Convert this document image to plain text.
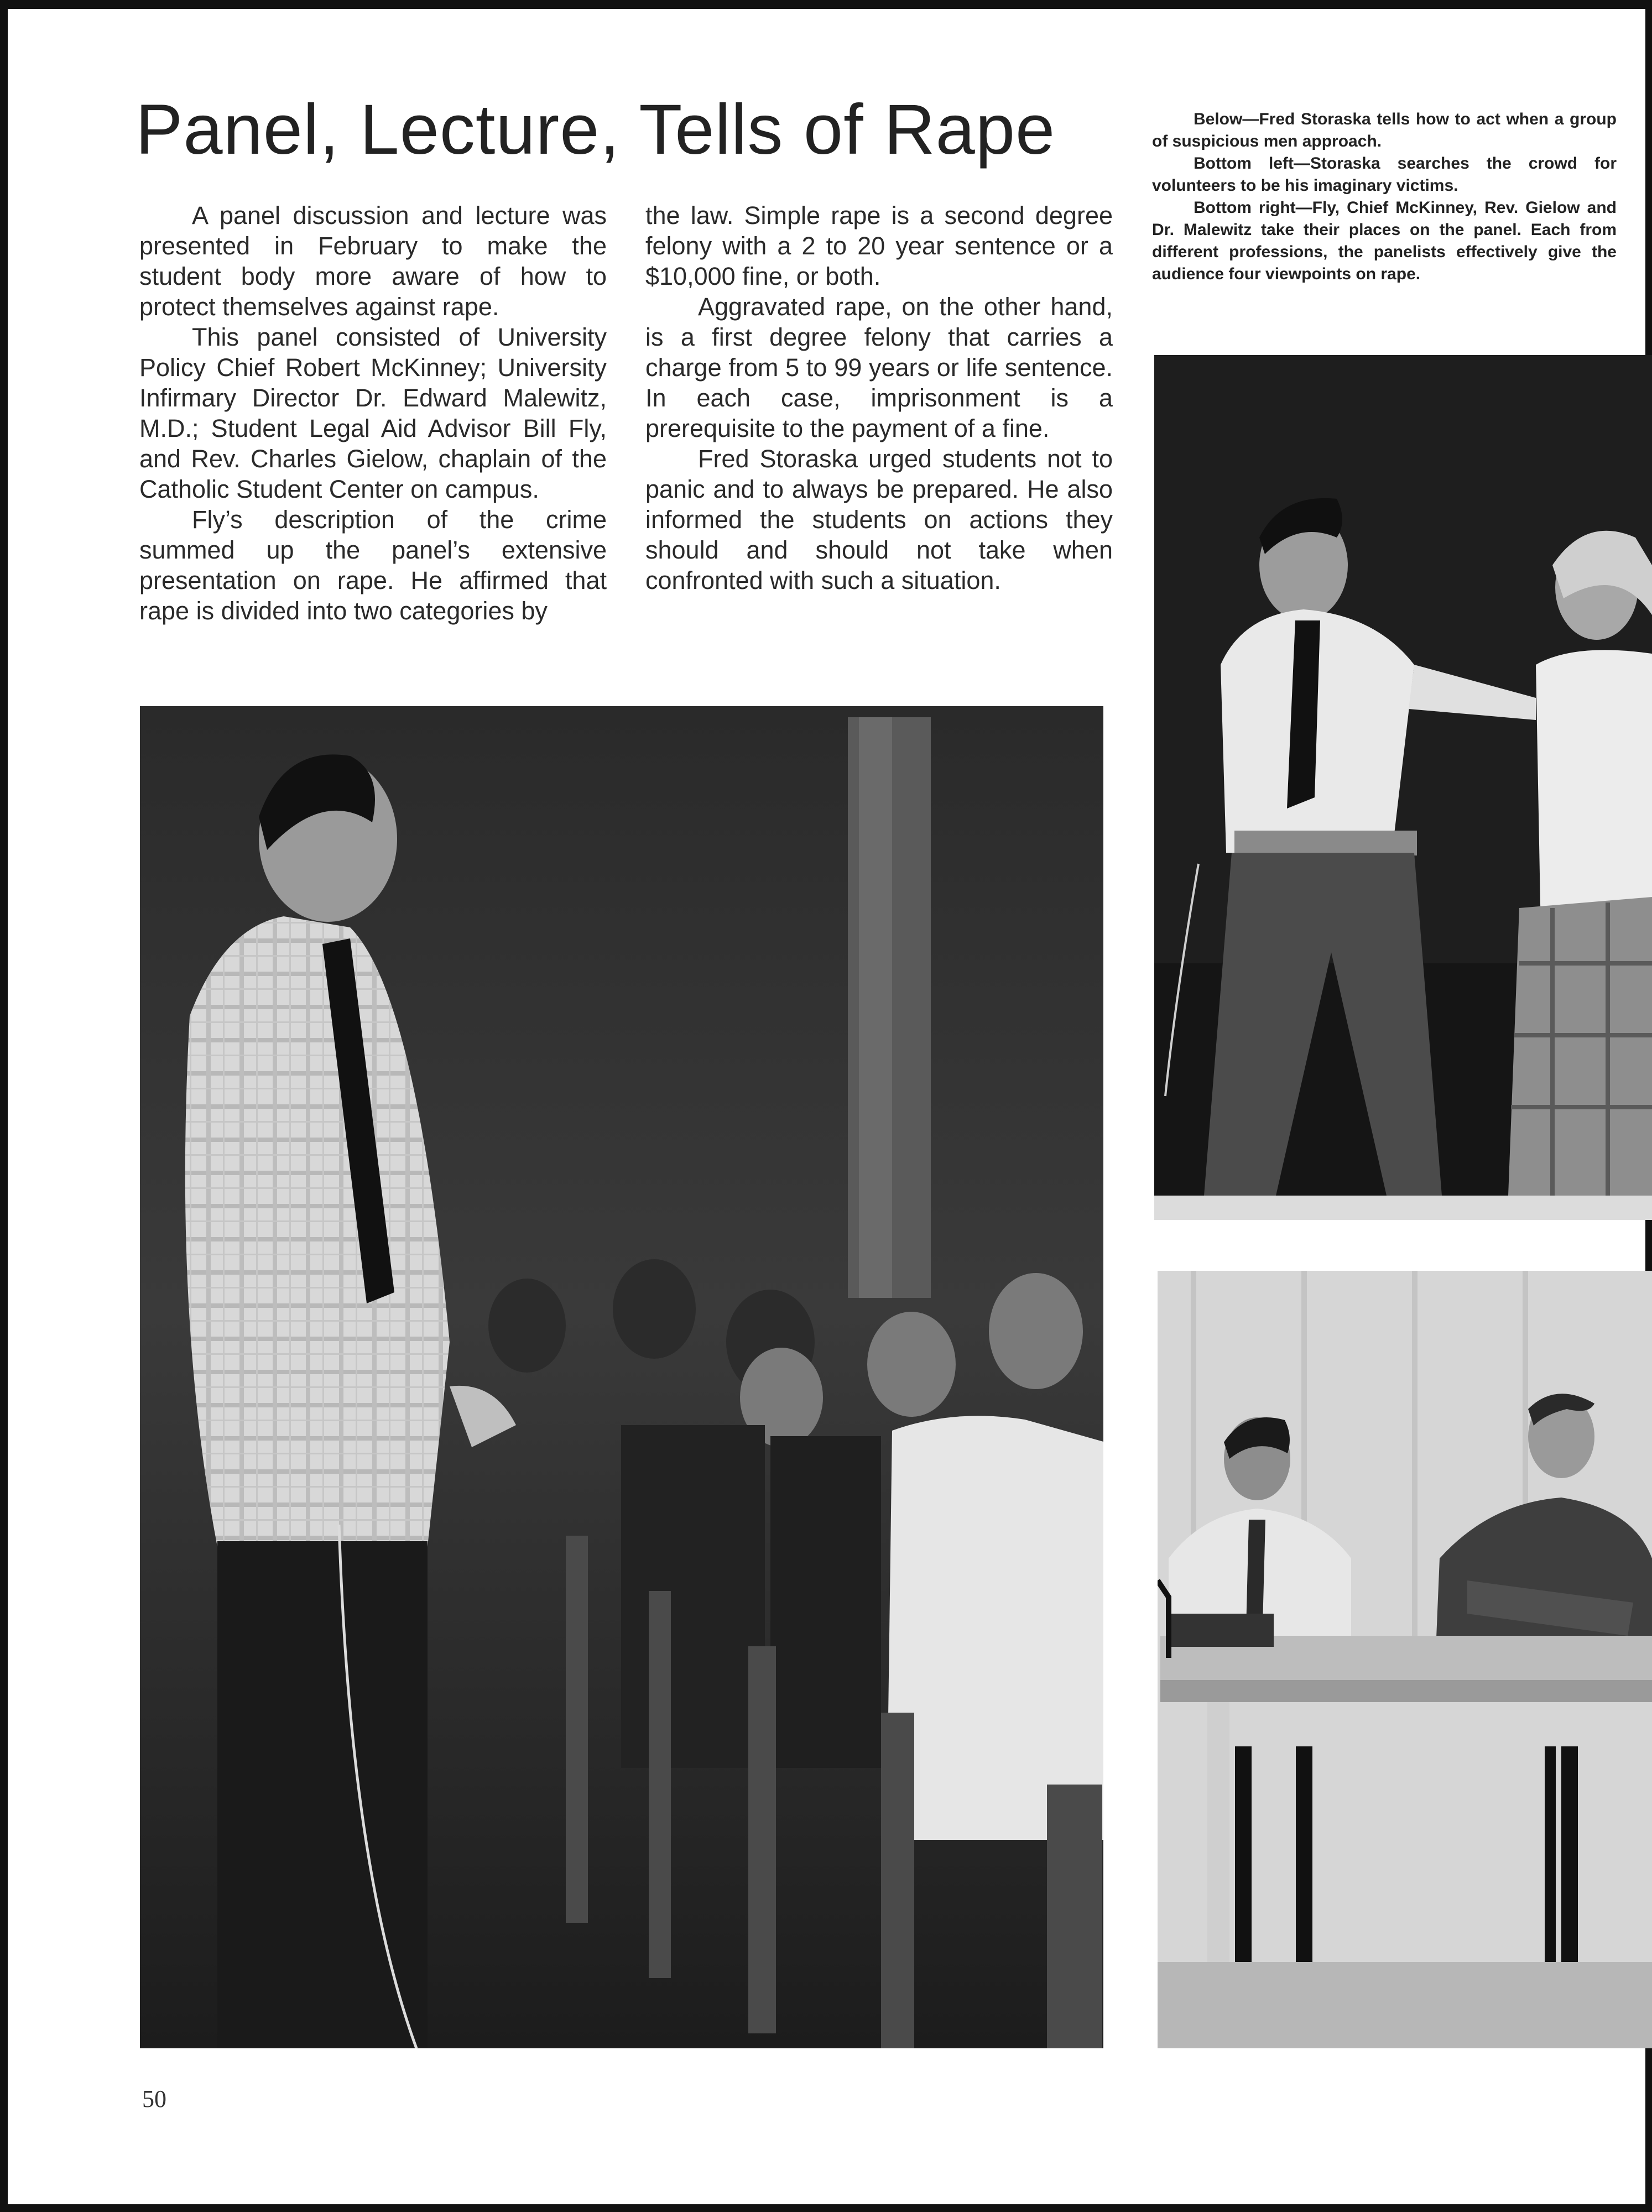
Panel, Lecture, Tells of Rape

A panel discussion and lecture was presented in February to make the student body more aware of how to protect themselves against rape.

This panel consisted of University Policy Chief Robert McKinney; University Infirmary Director Dr. Edward Malewitz, M.D.; Student Legal Aid Advisor Bill Fly, and Rev. Charles Gielow, chaplain of the Catholic Student Center on campus.

Fly’s description of the crime summed up the panel’s extensive presentation on rape. He affirmed that rape is divided into two categories by

the law. Simple rape is a second degree felony with a 2 to 20 year sentence or a $10,000 fine, or both.

Aggravated rape, on the other hand, is a first degree felony that carries a charge from 5 to 99 years or life sentence. In each case, imprisonment is a prerequisite to the payment of a fine.

Fred Storaska urged students not to panic and to always be prepared. He also informed the students on actions they should and should not take when confronted with such a situation.

Below—Fred Storaska tells how to act when a group of suspicious men approach.

Bottom left—Storaska searches the crowd for volunteers to be his imaginary victims.

Bottom right—Fly, Chief McKinney, Rev. Gielow and Dr. Malewitz take their places on the panel. Each from different professions, the panelists effectively give the audience four viewpoints on rape.

50
